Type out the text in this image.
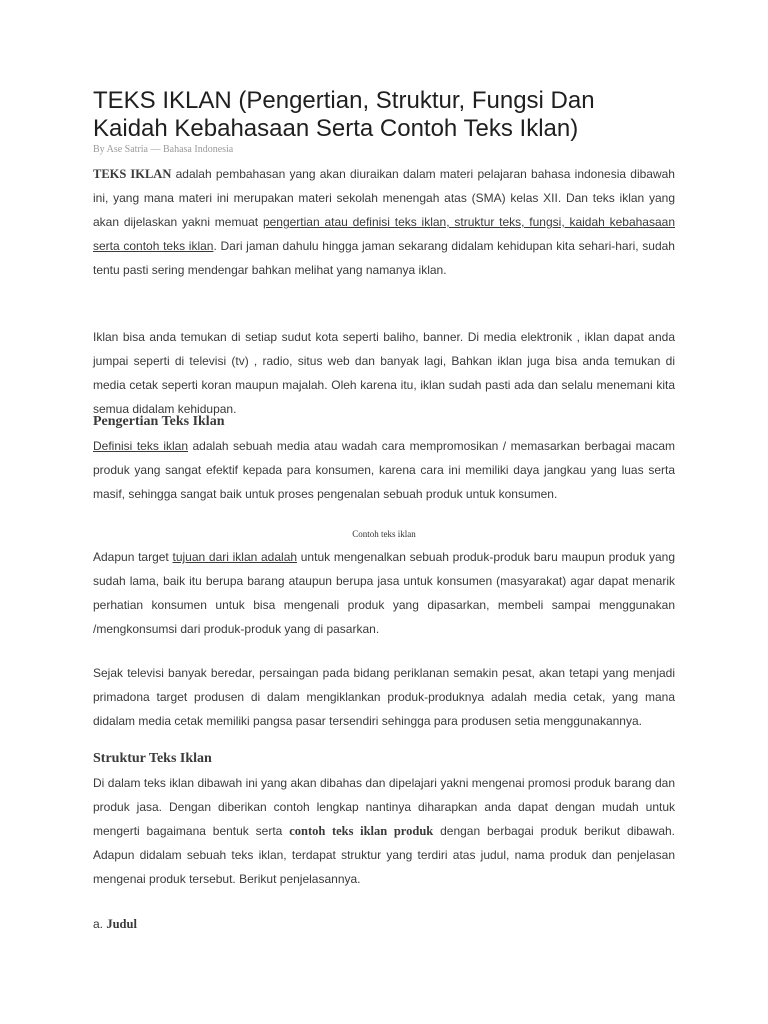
TEKS IKLAN (Pengertian, Struktur, Fungsi Dan Kaidah Kebahasaan Serta Contoh Teks Iklan)
By Ase Satria — Bahasa Indonesia

TEKS IKLAN adalah pembahasan yang akan diuraikan dalam materi pelajaran bahasa indonesia dibawah ini, yang mana materi ini merupakan materi sekolah menengah atas (SMA) kelas XII. Dan teks iklan yang akan dijelaskan yakni memuat pengertian atau definisi teks iklan, struktur teks, fungsi, kaidah kebahasaan serta contoh teks iklan. Dari jaman dahulu hingga jaman sekarang didalam kehidupan kita sehari-hari, sudah tentu pasti sering mendengar bahkan melihat yang namanya iklan.

Iklan bisa anda temukan di setiap sudut kota seperti baliho, banner. Di media elektronik , iklan dapat anda jumpai seperti di televisi (tv) , radio, situs web dan banyak lagi, Bahkan iklan juga bisa anda temukan di media cetak seperti koran maupun majalah. Oleh karena itu, iklan sudah pasti ada dan selalu menemani kita semua didalam kehidupan.

Pengertian Teks Iklan

Definisi teks iklan adalah sebuah media atau wadah cara mempromosikan / memasarkan berbagai macam produk yang sangat efektif kepada para konsumen, karena cara ini memiliki daya jangkau yang luas serta masif, sehingga sangat baik untuk proses pengenalan sebuah produk untuk konsumen.

Contoh teks iklan

Adapun target tujuan dari iklan adalah untuk mengenalkan sebuah produk-produk baru maupun produk yang sudah lama, baik itu berupa barang ataupun berupa jasa untuk konsumen (masyarakat) agar dapat menarik perhatian konsumen untuk bisa mengenali produk yang dipasarkan, membeli sampai menggunakan /mengkonsumsi dari produk-produk yang di pasarkan.

Sejak televisi banyak beredar, persaingan pada bidang periklanan semakin pesat, akan tetapi yang menjadi primadona target produsen di dalam mengiklankan produk-produknya adalah media cetak, yang mana didalam media cetak memiliki pangsa pasar tersendiri sehingga para produsen setia menggunakannya.

Struktur Teks Iklan

Di dalam teks iklan dibawah ini yang akan dibahas dan dipelajari yakni mengenai promosi produk barang dan produk jasa. Dengan diberikan contoh lengkap nantinya diharapkan anda dapat dengan mudah untuk mengerti bagaimana bentuk serta contoh teks iklan produk dengan berbagai produk berikut dibawah. Adapun didalam sebuah teks iklan, terdapat struktur yang terdiri atas judul, nama produk dan penjelasan mengenai produk tersebut. Berikut penjelasannya.

a. Judul
